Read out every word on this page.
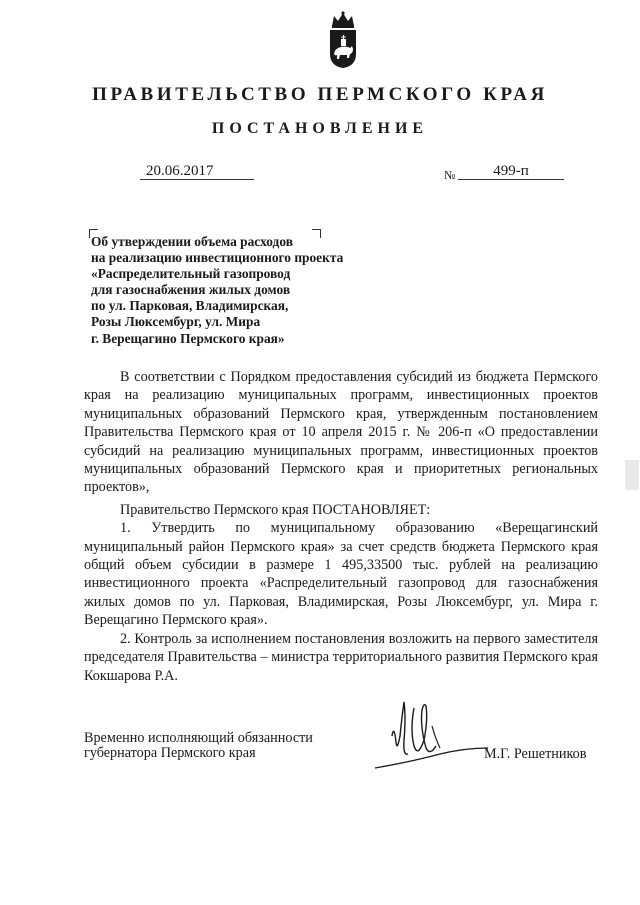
ПРАВИТЕЛЬСТВО ПЕРМСКОГО КРАЯ
ПОСТАНОВЛЕНИЕ
20.06.2017	№	499-п
Об утверждении объема расходов
на реализацию инвестиционного проекта
«Распределительный газопровод
для газоснабжения жилых домов
по ул. Парковая, Владимирская,
Розы Люксембург, ул. Мира
г. Верещагино Пермского края»

В соответствии с Порядком предоставления субсидий из бюджета Пермского края на реализацию муниципальных программ, инвестиционных проектов муниципальных образований Пермского края, утвержденным постановлением Правительства Пермского края от 10 апреля 2015 г. № 206-п «О предоставлении субсидий на реализацию муниципальных программ, инвестиционных проектов муниципальных образований Пермского края и приоритетных региональных проектов»,

Правительство Пермского края ПОСТАНОВЛЯЕТ:

1. Утвердить по муниципальному образованию «Верещагинский муниципальный район Пермского края» за счет средств бюджета Пермского края общий объем субсидии в размере 1 495,33500 тыс. рублей на реализацию инвестиционного проекта «Распределительный газопровод для газоснабжения жилых домов по ул. Парковая, Владимирская, Розы Люксембург, ул. Мира г. Верещагино Пермского края».

2. Контроль за исполнением постановления возложить на первого заместителя председателя Правительства – министра территориального развития Пермского края Кокшарова Р.А.

Временно исполняющий обязанности
губернатора Пермского края	М.Г. Решетников
